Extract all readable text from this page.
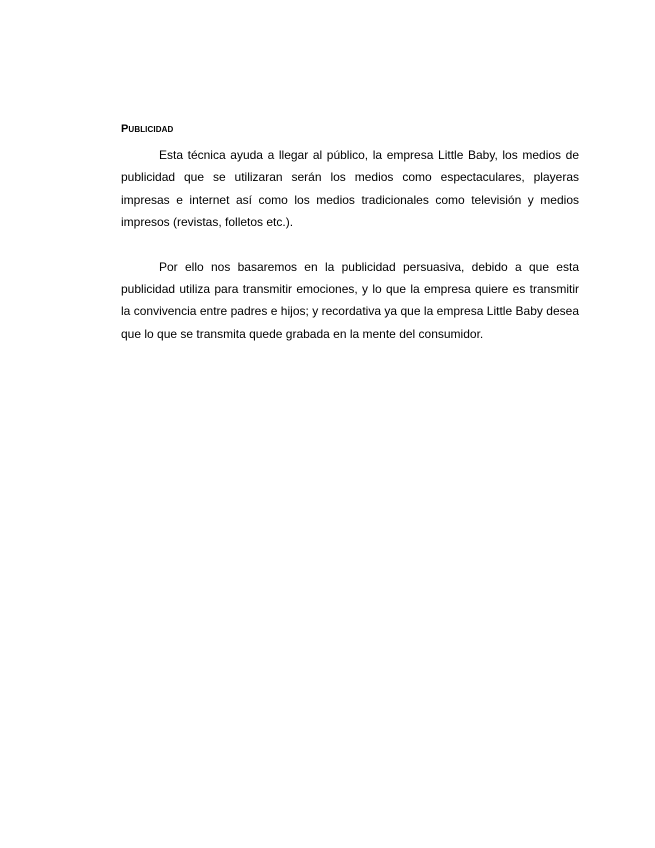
Publicidad

Esta técnica ayuda a llegar al público, la empresa Little Baby, los medios de publicidad que se utilizaran serán los medios como espectaculares, playeras impresas e internet así como los medios tradicionales como televisión y medios impresos (revistas, folletos etc.).

Por ello nos basaremos en la publicidad persuasiva, debido a que esta publicidad utiliza para transmitir emociones, y lo que la empresa quiere es transmitir la convivencia entre padres e hijos; y recordativa ya que la empresa Little Baby desea que lo que se transmita quede grabada en la mente del consumidor.
